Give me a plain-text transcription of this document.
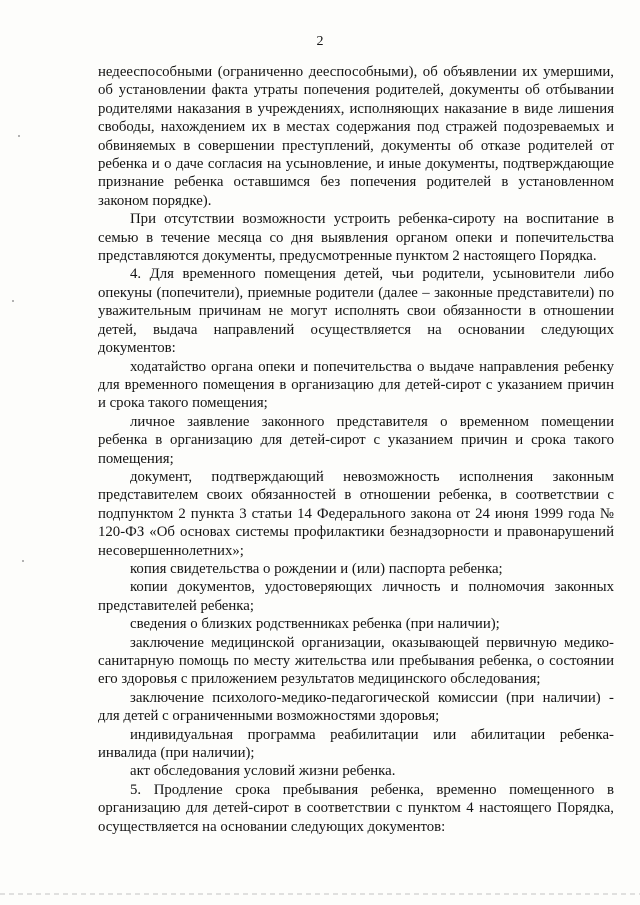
2

недееспособными (ограниченно дееспособными), об объявлении их умершими, об установлении факта утраты попечения родителей, документы об отбывании родителями наказания в учреждениях, исполняющих наказание в виде лишения свободы, нахождением их в местах содержания под стражей подозреваемых и обвиняемых в совершении преступлений, документы об отказе родителей от ребенка и о даче согласия на усыновление, и иные документы, подтверждающие признание ребенка оставшимся без попечения родителей в установленном законом порядке).

При отсутствии возможности устроить ребенка-сироту на воспитание в семью в течение месяца со дня выявления органом опеки и попечительства представляются документы, предусмотренные пунктом 2 настоящего Порядка.

4. Для временного помещения детей, чьи родители, усыновители либо опекуны (попечители), приемные родители (далее – законные представители) по уважительным причинам не могут исполнять свои обязанности в отношении детей, выдача направлений осуществляется на основании следующих документов:

ходатайство органа опеки и попечительства о выдаче направления ребенку для временного помещения в организацию для детей-сирот с указанием причин и срока такого помещения;

личное заявление законного представителя о временном помещении ребенка в организацию для детей-сирот с указанием причин и срока такого помещения;

документ, подтверждающий невозможность исполнения законным представителем своих обязанностей в отношении ребенка, в соответствии с подпунктом 2 пункта 3 статьи 14 Федерального закона от 24 июня 1999 года № 120-ФЗ «Об основах системы профилактики безнадзорности и правонарушений несовершеннолетних»;

копия свидетельства о рождении и (или) паспорта ребенка;

копии документов, удостоверяющих личность и полномочия законных представителей ребенка;

сведения о близких родственниках ребенка (при наличии);

заключение медицинской организации, оказывающей первичную медико-санитарную помощь по месту жительства или пребывания ребенка, о состоянии его здоровья с приложением результатов медицинского обследования;

заключение психолого-медико-педагогической комиссии (при наличии) - для детей с ограниченными возможностями здоровья;

индивидуальная программа реабилитации или абилитации ребенка-инвалида (при наличии);

акт обследования условий жизни ребенка.

5. Продление срока пребывания ребенка, временно помещенного в организацию для детей-сирот в соответствии с пунктом 4 настоящего Порядка, осуществляется на основании следующих документов:
